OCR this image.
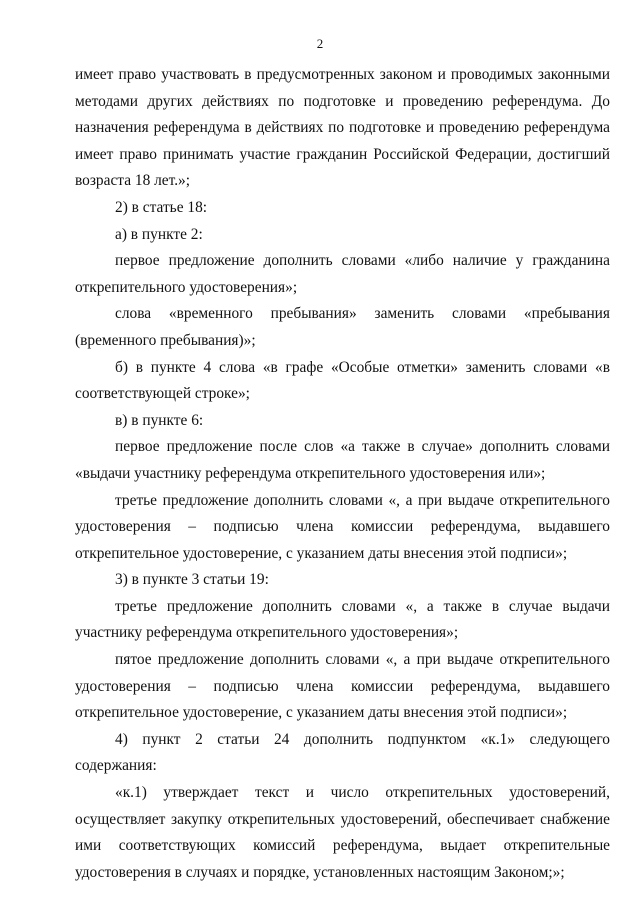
2

имеет право участвовать в предусмотренных законом и проводимых законными методами других действиях по подготовке и проведению референдума. До назначения референдума в действиях по подготовке и проведению референдума имеет право принимать участие гражданин Российской Федерации, достигший возраста 18 лет.»;

2) в статье 18:

а) в пункте 2:

первое предложение дополнить словами «либо наличие у гражданина открепительного удостоверения»;

слова «временного пребывания» заменить словами «пребывания (временного пребывания)»;

б) в пункте 4 слова «в графе «Особые отметки» заменить словами «в соответствующей строке»;

в) в пункте 6:

первое предложение после слов «а также в случае» дополнить словами «выдачи участнику референдума открепительного удостоверения или»;

третье предложение дополнить словами «, а при выдаче открепительного удостоверения – подписью члена комиссии референдума, выдавшего открепительное удостоверение, с указанием даты внесения этой подписи»;

3) в пункте 3 статьи 19:

третье предложение дополнить словами «, а также в случае выдачи участнику референдума открепительного удостоверения»;

пятое предложение дополнить словами «, а при выдаче открепительного удостоверения – подписью члена комиссии референдума, выдавшего открепительное удостоверение, с указанием даты внесения этой подписи»;

4) пункт 2 статьи 24 дополнить подпунктом «к.1» следующего содержания:

«к.1) утверждает текст и число открепительных удостоверений, осуществляет закупку открепительных удостоверений, обеспечивает снабжение ими соответствующих комиссий референдума, выдает открепительные удостоверения в случаях и порядке, установленных настоящим Законом;»;
